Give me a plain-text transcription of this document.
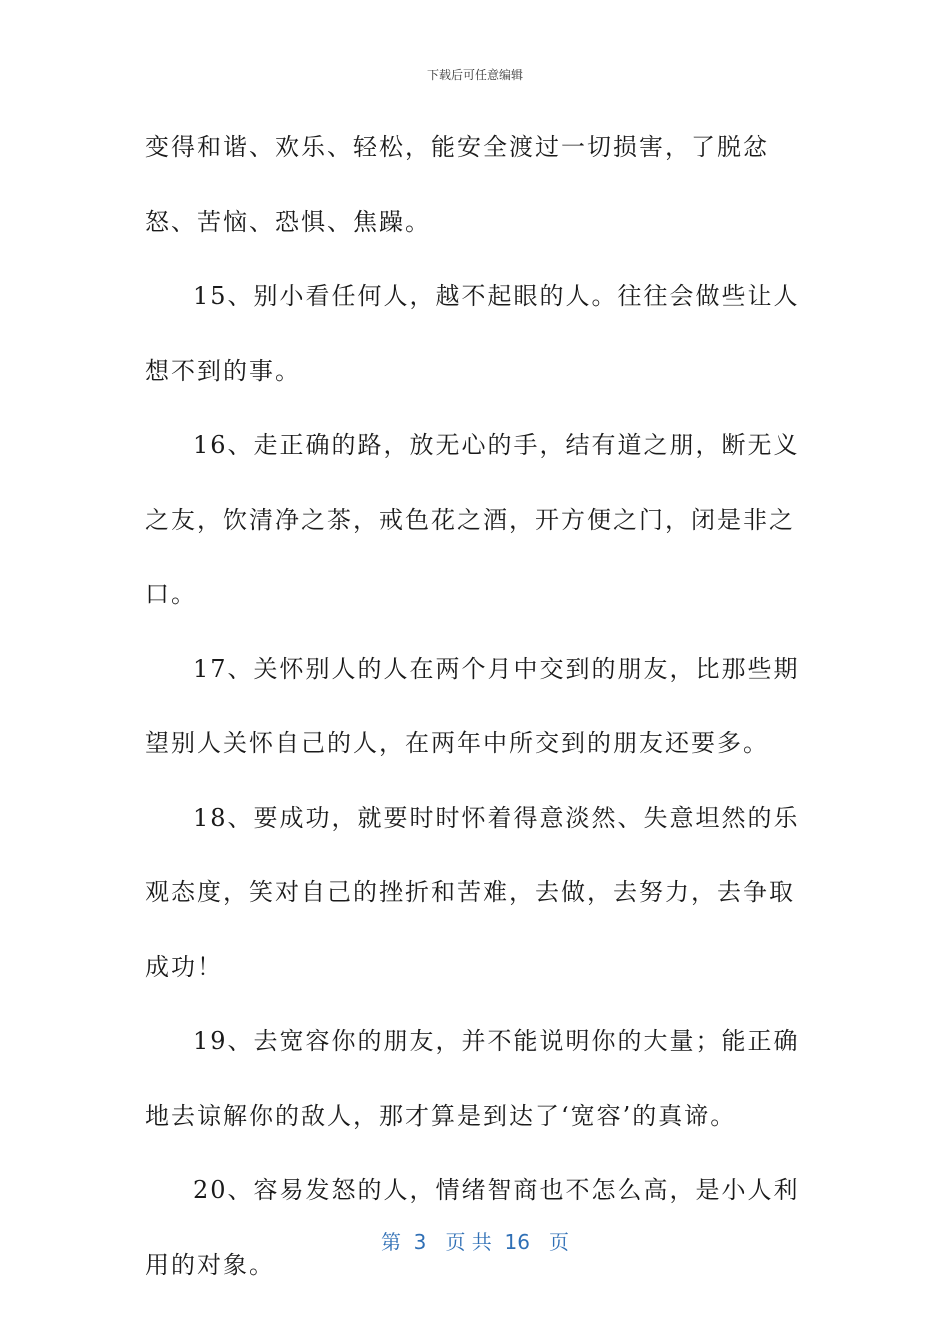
下载后可任意编辑

变得和谐、欢乐、轻松，能安全渡过一切损害，了脱忿怒、苦恼、恐惧、焦躁。

15、别小看任何人，越不起眼的人。往往会做些让人想不到的事。

16、走正确的路，放无心的手，结有道之朋，断无义之友，饮清净之茶，戒色花之酒，开方便之门，闭是非之口。

17、关怀别人的人在两个月中交到的朋友，比那些期望别人关怀自己的人，在两年中所交到的朋友还要多。

18、要成功，就要时时怀着得意淡然、失意坦然的乐观态度，笑对自己的挫折和苦难，去做，去努力，去争取成功！

19、去宽容你的朋友，并不能说明你的大量；能正确地去谅解你的敌人，那才算是到达了‘宽容’的真谛。

20、容易发怒的人，情绪智商也不怎么高，是小人利用的对象。

第  3   页 共  16   页
